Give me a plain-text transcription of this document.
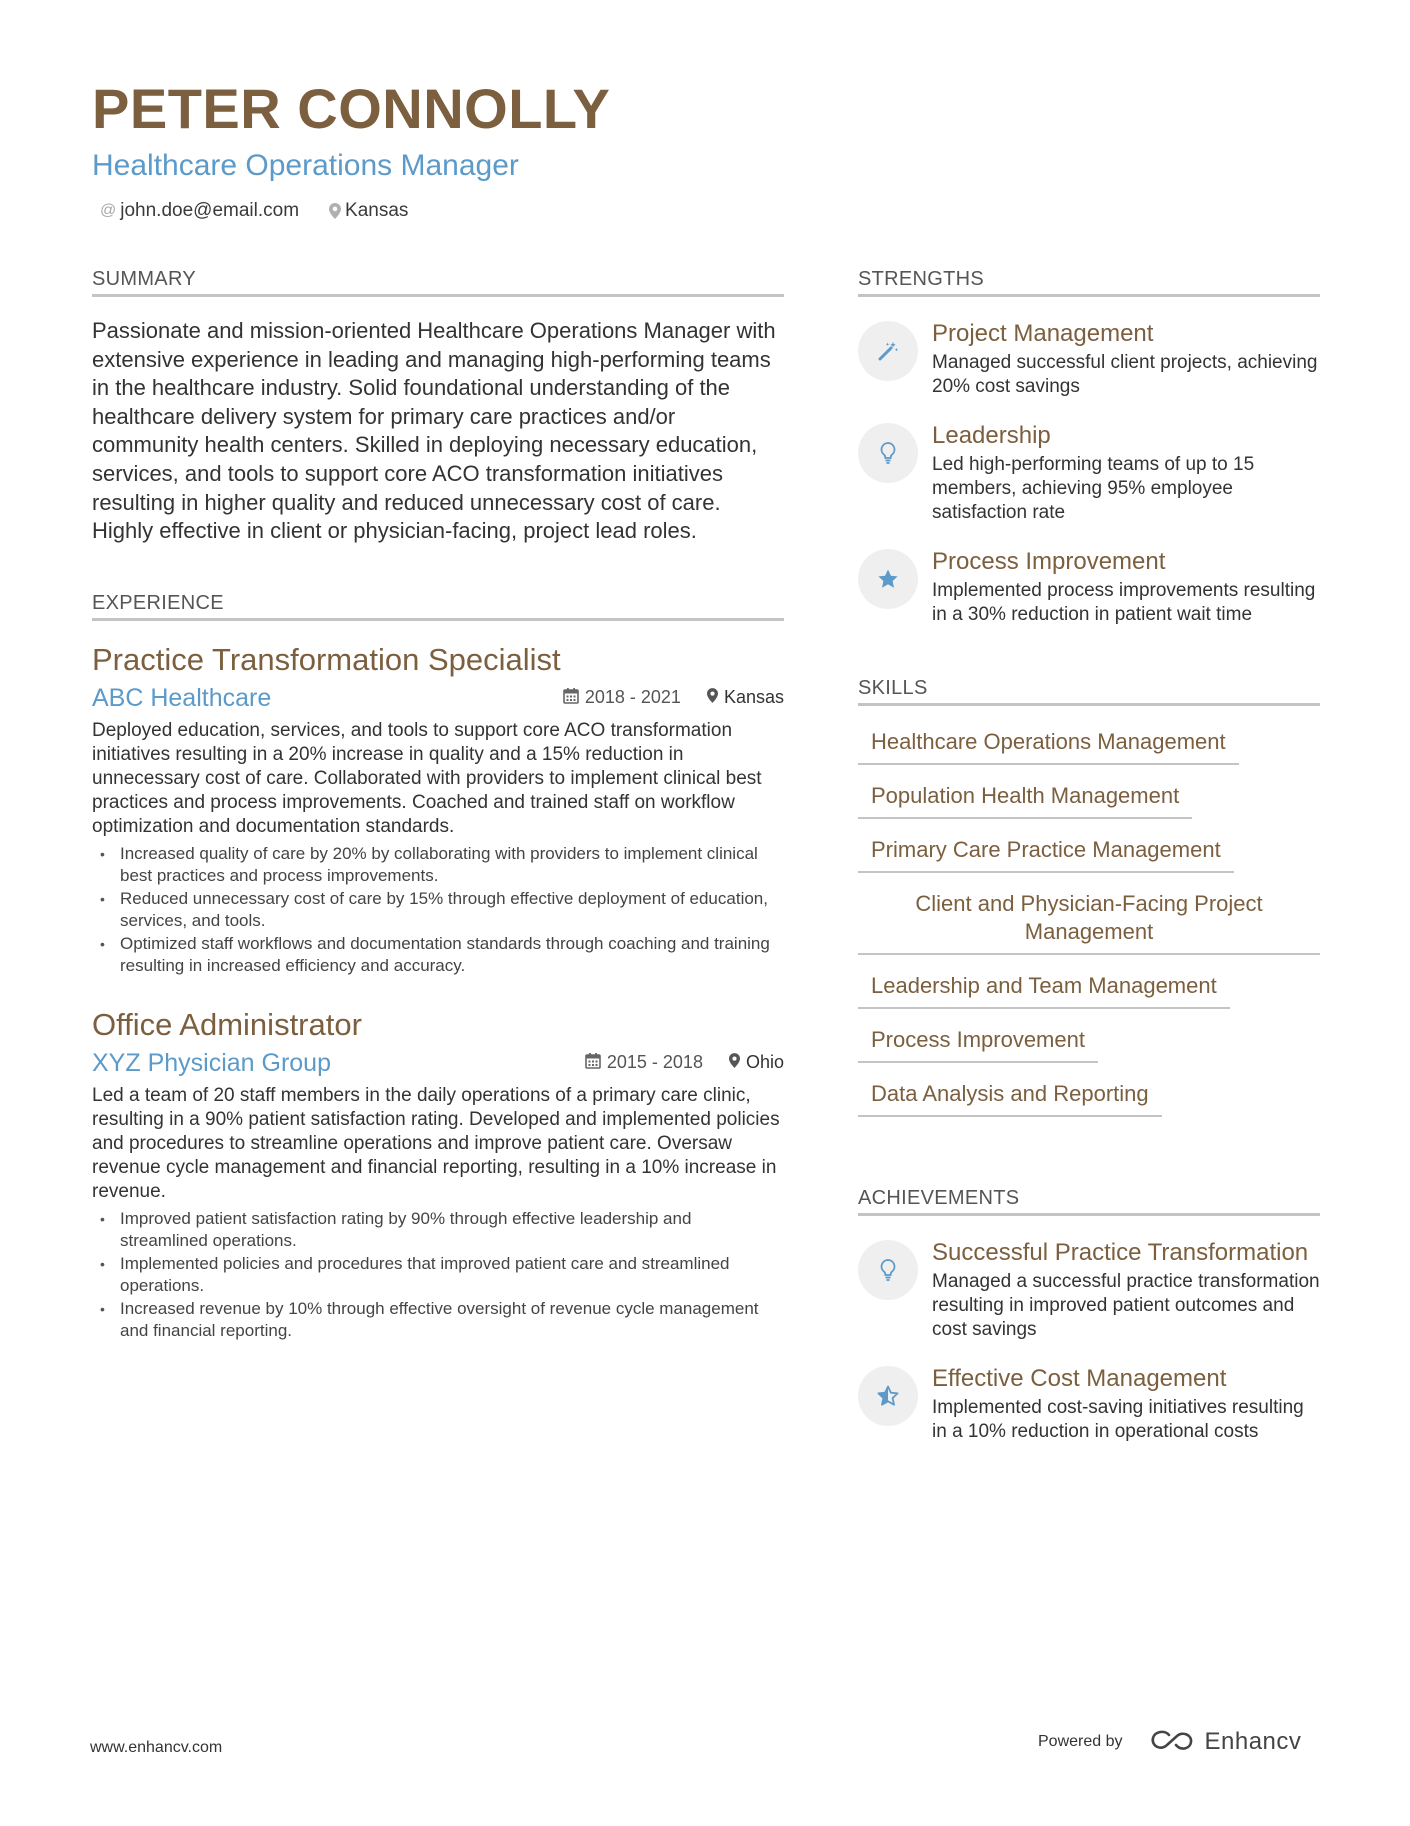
PETER CONNOLLY
Healthcare Operations Manager
@ john.doe@email.com Kansas
SUMMARY
Passionate and mission-oriented Healthcare Operations Manager with extensive experience in leading and managing high-performing teams in the healthcare industry. Solid foundational understanding of the healthcare delivery system for primary care practices and/or community health centers. Skilled in deploying necessary education, services, and tools to support core ACO transformation initiatives resulting in higher quality and reduced unnecessary cost of care. Highly effective in client or physician-facing, project lead roles.
EXPERIENCE
Practice Transformation Specialist
ABC Healthcare	2018 - 2021 Kansas
Deployed education, services, and tools to support core ACO transformation initiatives resulting in a 20% increase in quality and a 15% reduction in unnecessary cost of care. Collaborated with providers to implement clinical best practices and process improvements. Coached and trained staff on workflow optimization and documentation standards.
• Increased quality of care by 20% by collaborating with providers to implement clinical best practices and process improvements.
• Reduced unnecessary cost of care by 15% through effective deployment of education, services, and tools.
• Optimized staff workflows and documentation standards through coaching and training resulting in increased efficiency and accuracy.
Office Administrator
XYZ Physician Group	2015 - 2018 Ohio
Led a team of 20 staff members in the daily operations of a primary care clinic, resulting in a 90% patient satisfaction rating. Developed and implemented policies and procedures to streamline operations and improve patient care. Oversaw revenue cycle management and financial reporting, resulting in a 10% increase in revenue.
• Improved patient satisfaction rating by 90% through effective leadership and streamlined operations.
• Implemented policies and procedures that improved patient care and streamlined operations.
• Increased revenue by 10% through effective oversight of revenue cycle management and financial reporting.
STRENGTHS
Project Management
Managed successful client projects, achieving 20% cost savings
Leadership
Led high-performing teams of up to 15 members, achieving 95% employee satisfaction rate
Process Improvement
Implemented process improvements resulting in a 30% reduction in patient wait time
SKILLS
Healthcare Operations Management
Population Health Management
Primary Care Practice Management
Client and Physician-Facing Project Management
Leadership and Team Management
Process Improvement
Data Analysis and Reporting
ACHIEVEMENTS
Successful Practice Transformation
Managed a successful practice transformation resulting in improved patient outcomes and cost savings
Effective Cost Management
Implemented cost-saving initiatives resulting in a 10% reduction in operational costs
www.enhancv.com	Powered by	Enhancv
